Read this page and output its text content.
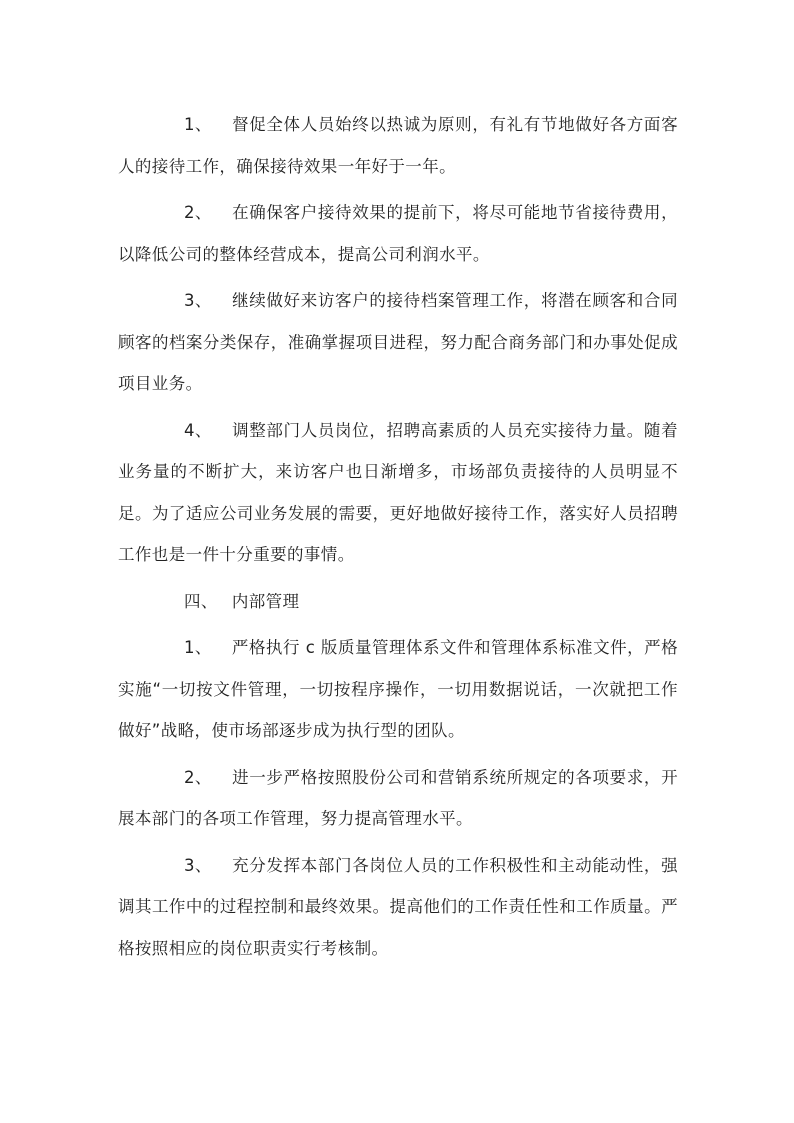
1、 督促全体人员始终以热诚为原则，有礼有节地做好各方面客人的接待工作，确保接待效果一年好于一年。

2、 在确保客户接待效果的提前下，将尽可能地节省接待费用，以降低公司的整体经营成本，提高公司利润水平。

3、 继续做好来访客户的接待档案管理工作，将潜在顾客和合同顾客的档案分类保存，准确掌握项目进程，努力配合商务部门和办事处促成项目业务。

4、 调整部门人员岗位，招聘高素质的人员充实接待力量。随着业务量的不断扩大，来访客户也日渐增多，市场部负责接待的人员明显不足。为了适应公司业务发展的需要，更好地做好接待工作，落实好人员招聘工作也是一件十分重要的事情。

四、 内部管理

1、 严格执行 c 版质量管理体系文件和管理体系标准文件，严格实施“一切按文件管理，一切按程序操作，一切用数据说话，一次就把工作做好”战略，使市场部逐步成为执行型的团队。

2、 进一步严格按照股份公司和营销系统所规定的各项要求，开展本部门的各项工作管理，努力提高管理水平。

3、 充分发挥本部门各岗位人员的工作积极性和主动能动性，强调其工作中的过程控制和最终效果。提高他们的工作责任性和工作质量。严格按照相应的岗位职责实行考核制。
